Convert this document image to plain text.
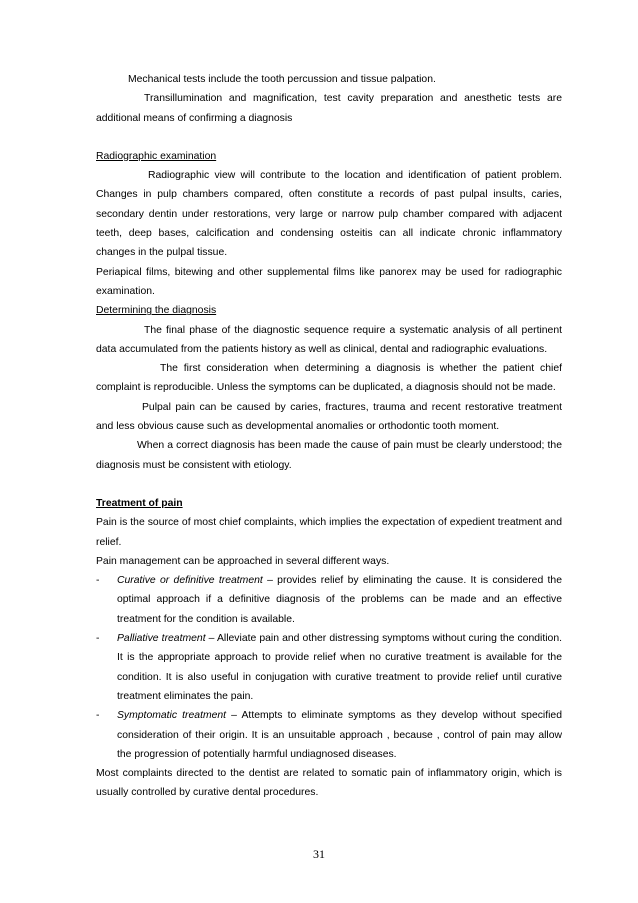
Mechanical tests include the tooth percussion and tissue palpation.

Transillumination and magnification, test cavity preparation and anesthetic tests are additional means of confirming a diagnosis

Radiographic examination

Radiographic view will contribute to the location and identification of patient problem. Changes in pulp chambers compared, often constitute a records of past pulpal insults, caries, secondary dentin under restorations, very large or narrow pulp chamber compared with adjacent teeth, deep bases, calcification and condensing osteitis can all indicate chronic inflammatory changes in the pulpal tissue.

Periapical films, bitewing and other supplemental films like panorex may be used for radiographic examination.

Determining the diagnosis

The final phase of the diagnostic sequence require a systematic analysis of all pertinent data accumulated from the patients history as well as clinical, dental and radiographic evaluations.

The first consideration when determining a diagnosis is whether the patient chief complaint is reproducible. Unless the symptoms can be duplicated, a diagnosis should not be made.

Pulpal pain can be caused by caries, fractures, trauma and recent restorative treatment and less obvious cause such as developmental anomalies or orthodontic tooth moment.

When a correct diagnosis has been made the cause of pain must be clearly understood; the diagnosis must be consistent with etiology.

Treatment of pain

Pain is the source of most chief complaints, which implies the expectation of expedient treatment and relief.

Pain management can be approached in several different ways.

-	Curative or definitive treatment – provides relief by eliminating the cause. It is considered the optimal approach if a definitive diagnosis of the problems can be made and an effective treatment for the condition is available.

-	Palliative treatment – Alleviate pain and other distressing symptoms without curing the condition. It is the appropriate approach to provide relief when no curative treatment is available for the condition. It is also useful in conjugation with curative treatment to provide relief until curative treatment eliminates the pain.

-	Symptomatic treatment – Attempts to eliminate symptoms as they develop without specified consideration of their origin. It is an unsuitable approach , because , control of pain may allow the progression of potentially harmful undiagnosed diseases.

Most complaints directed to the dentist are related to somatic pain of inflammatory origin, which is usually controlled by curative dental procedures.

31
